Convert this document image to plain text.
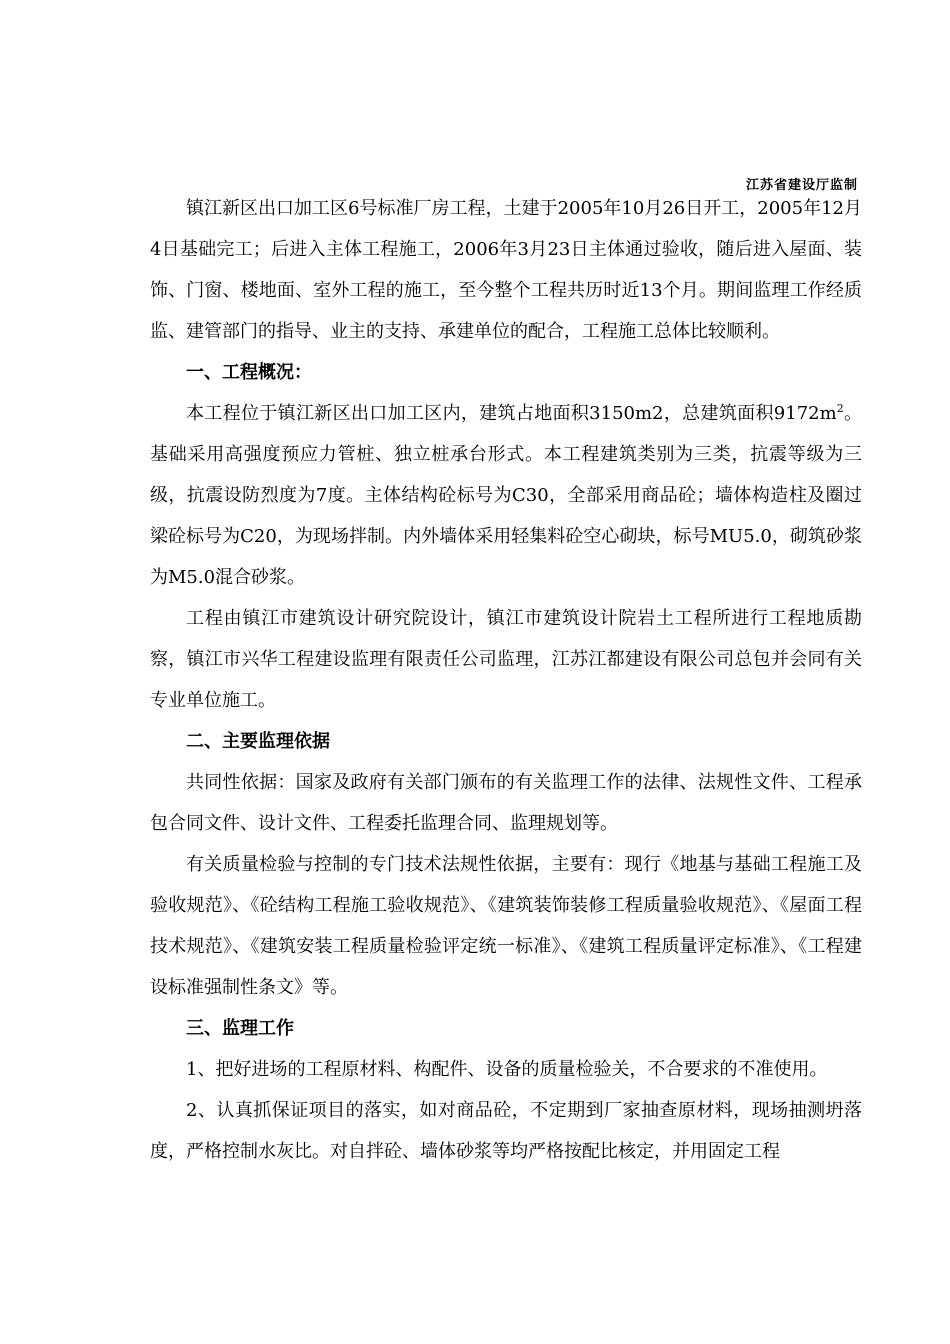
江苏省建设厅监制

镇江新区出口加工区6号标准厂房工程，土建于2005年10月26日开工，2005年12月4日基础完工；后进入主体工程施工，2006年3月23日主体通过验收，随后进入屋面、装饰、门窗、楼地面、室外工程的施工，至今整个工程共历时近13个月。期间监理工作经质监、建管部门的指导、业主的支持、承建单位的配合，工程施工总体比较顺利。

一、工程概况：

本工程位于镇江新区出口加工区内，建筑占地面积3150m2，总建筑面积$9172m^2$。基础采用高强度预应力管桩、独立桩承台形式。本工程建筑类别为三类，抗震等级为三级，抗震设防烈度为7度。主体结构砼标号为C30，全部采用商品砼；墙体构造柱及圈过梁砼标号为C20，为现场拌制。内外墙体采用轻集料砼空心砌块，标号MU5.0，砌筑砂浆为M5.0混合砂浆。

工程由镇江市建筑设计研究院设计，镇江市建筑设计院岩土工程所进行工程地质勘察，镇江市兴华工程建设监理有限责任公司监理，江苏江都建设有限公司总包并会同有关专业单位施工。

二、主要监理依据

共同性依据：国家及政府有关部门颁布的有关监理工作的法律、法规性文件、工程承包合同文件、设计文件、工程委托监理合同、监理规划等。

有关质量检验与控制的专门技术法规性依据，主要有：现行《地基与基础工程施工及验收规范》、《砼结构工程施工验收规范》、《建筑装饰装修工程质量验收规范》、《屋面工程技术规范》、《建筑安装工程质量检验评定统一标准》、《建筑工程质量评定标准》、《工程建设标准强制性条文》等。

三、监理工作

1、把好进场的工程原材料、构配件、设备的质量检验关，不合要求的不准使用。

2、认真抓保证项目的落实，如对商品砼，不定期到厂家抽查原材料，现场抽测坍落度，严格控制水灰比。对自拌砼、墙体砂浆等均严格按配比核定，并用固定工程
